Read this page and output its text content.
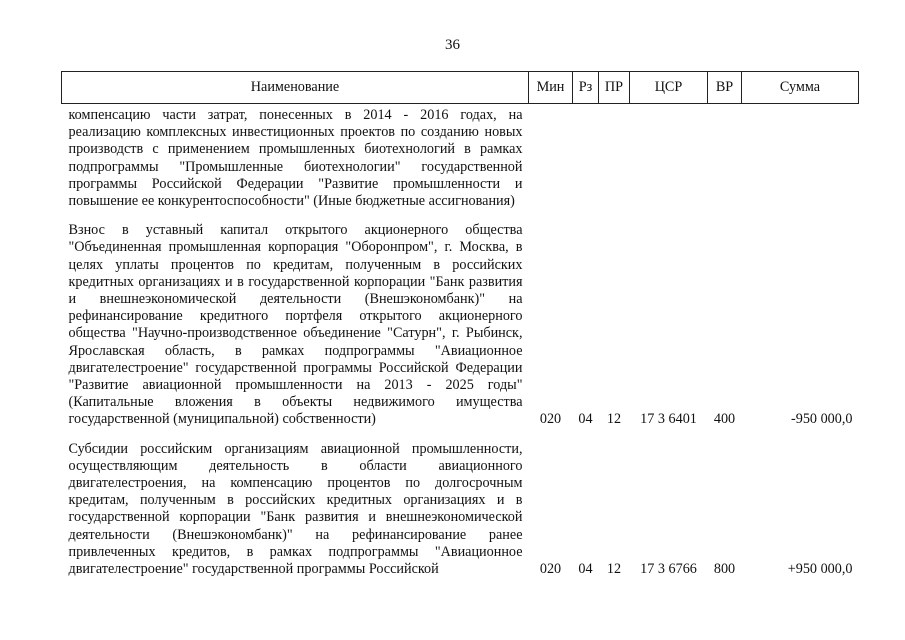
36
Наименование	Мин	Рз	ПР	ЦСР	ВР	Сумма

компенсацию части затрат, понесенных в 2014 - 2016 годах, на реализацию комплексных инвестиционных проектов по созданию новых производств с применением промышленных биотехнологий в рамках подпрограммы "Промышленные биотехнологии" государственной программы Российской Федерации "Развитие промышленности и повышение ее конкурентоспособности" (Иные бюджетные ассигнования)						

Взнос в уставный капитал открытого акционерного общества "Объединенная промышленная корпорация "Оборонпром", г. Москва, в целях уплаты процентов по кредитам, полученным в российских кредитных организациях и в государственной корпорации "Банк развития и внешнеэкономической деятельности (Внешэкономбанк)" на рефинансирование кредитного портфеля открытого акционерного общества "Научно-производственное объединение "Сатурн", г. Рыбинск, Ярославская область, в рамках подпрограммы "Авиационное двигателестроение" государственной программы Российской Федерации "Развитие авиационной промышленности на 2013 - 2025 годы" (Капитальные вложения в объекты недвижимого имущества государственной (муниципальной) собственности)	020	04	12	17 3 6401	400	-950 000,0

Субсидии российским организациям авиационной промышленности, осуществляющим деятельность в области авиационного двигателестроения, на компенсацию процентов по долгосрочным кредитам, полученным в российских кредитных организациях и в государственной корпорации "Банк развития и внешнеэкономической деятельности (Внешэкономбанк)" на рефинансирование ранее привлеченных кредитов, в рамках подпрограммы "Авиационное двигателестроение" государственной программы Российской	020	04	12	17 3 6766	800	+950 000,0
